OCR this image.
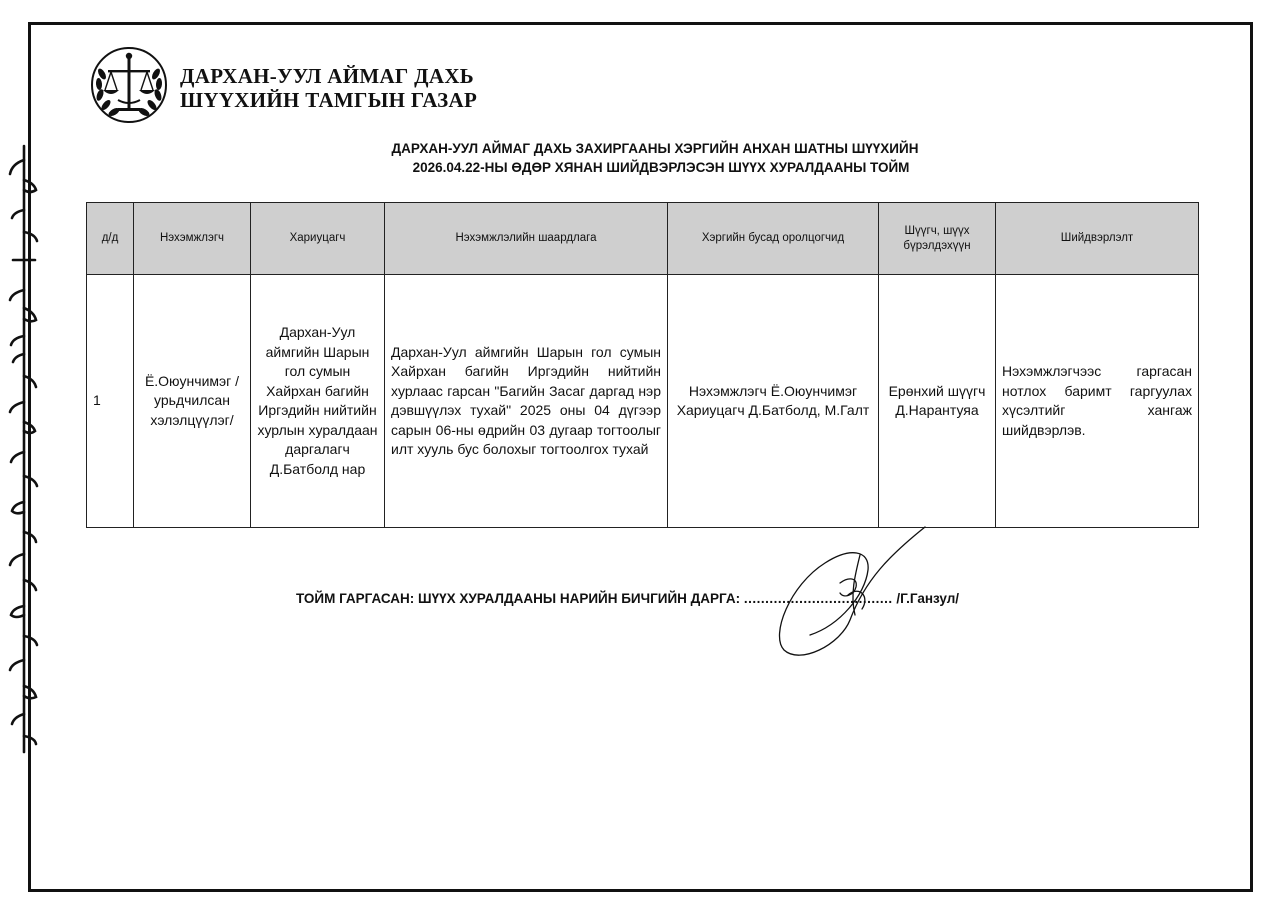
ДАРХАН-УУЛ АЙМАГ ДАХЬ
ШҮҮХИЙН ТАМГЫН ГАЗАР
ДАРХАН-УУЛ АЙМАГ ДАХЬ ЗАХИРГААНЫ ХЭРГИЙН АНХАН ШАТНЫ ШҮҮХИЙН
2026.04.22-НЫ ӨДӨР ХЯНАН ШИЙДВЭРЛЭСЭН ШҮҮХ ХУРАЛДААНЫ ТОЙМ
д/д	Нэхэмжлэгч	Хариуцагч	Нэхэмжлэлийн шаардлага	Хэргийн бусад оролцогчид	Шүүгч, шүүх бүрэлдэхүүн	Шийдвэрлэлт
1	Ё.Оюунчимэг /урьдчилсан хэлэлцүүлэг/	Дархан-Уул аймгийн Шарын гол сумын Хайрхан багийн Иргэдийн нийтийн хурлын хуралдаан даргалагч Д.Батболд нар	Дархан-Уул аймгийн Шарын гол сумын Хайрхан багийн Иргэдийн нийтийн хурлаас гарсан "Багийн Засаг даргад нэр дэвшүүлэх тухай" 2025 оны 04 дүгээр сарын 06-ны өдрийн 03 дугаар тогтоолыг илт хууль бус болохыг тогтоолгох тухай	Нэхэмжлэгч Ё.Оюунчимэг Хариуцагч Д.Батболд, М.Галт	Ерөнхий шүүгч Д.Нарантуяа	Нэхэмжлэгчээс гаргасан нотлох баримт гаргуулах хүсэлтийг хангаж шийдвэрлэв.
ТОЙМ ГАРГАСАН: ШҮҮХ ХУРАЛДААНЫ НАРИЙН БИЧГИЙН ДАРГА: ................................... /Г.Ганзул/
